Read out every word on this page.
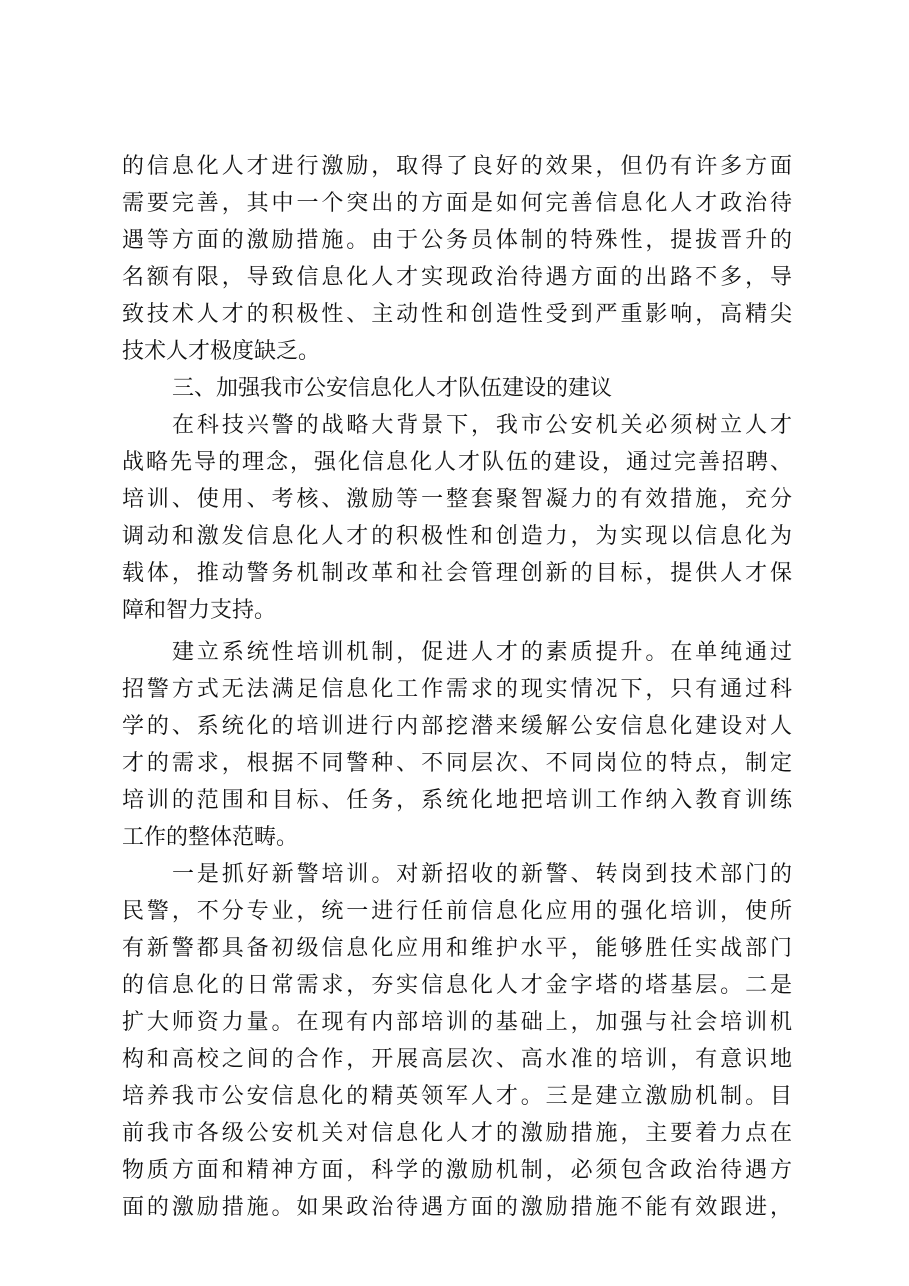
的信息化人才进行激励，取得了良好的效果，但仍有许多方面
需要完善，其中一个突出的方面是如何完善信息化人才政治待
遇等方面的激励措施。由于公务员体制的特殊性，提拔晋升的
名额有限，导致信息化人才实现政治待遇方面的出路不多，导
致技术人才的积极性、主动性和创造性受到严重影响，高精尖
技术人才极度缺乏。
三、加强我市公安信息化人才队伍建设的建议
在科技兴警的战略大背景下，我市公安机关必须树立人才
战略先导的理念，强化信息化人才队伍的建设，通过完善招聘、
培训、使用、考核、激励等一整套聚智凝力的有效措施，充分
调动和激发信息化人才的积极性和创造力，为实现以信息化为
载体，推动警务机制改革和社会管理创新的目标，提供人才保
障和智力支持。
建立系统性培训机制，促进人才的素质提升。在单纯通过
招警方式无法满足信息化工作需求的现实情况下，只有通过科
学的、系统化的培训进行内部挖潜来缓解公安信息化建设对人
才的需求，根据不同警种、不同层次、不同岗位的特点，制定
培训的范围和目标、任务，系统化地把培训工作纳入教育训练
工作的整体范畴。
一是抓好新警培训。对新招收的新警、转岗到技术部门的
民警，不分专业，统一进行任前信息化应用的强化培训，使所
有新警都具备初级信息化应用和维护水平，能够胜任实战部门
的信息化的日常需求，夯实信息化人才金字塔的塔基层。二是
扩大师资力量。在现有内部培训的基础上，加强与社会培训机
构和高校之间的合作，开展高层次、高水准的培训，有意识地
培养我市公安信息化的精英领军人才。三是建立激励机制。目
前我市各级公安机关对信息化人才的激励措施，主要着力点在
物质方面和精神方面，科学的激励机制，必须包含政治待遇方
面的激励措施。如果政治待遇方面的激励措施不能有效跟进，
